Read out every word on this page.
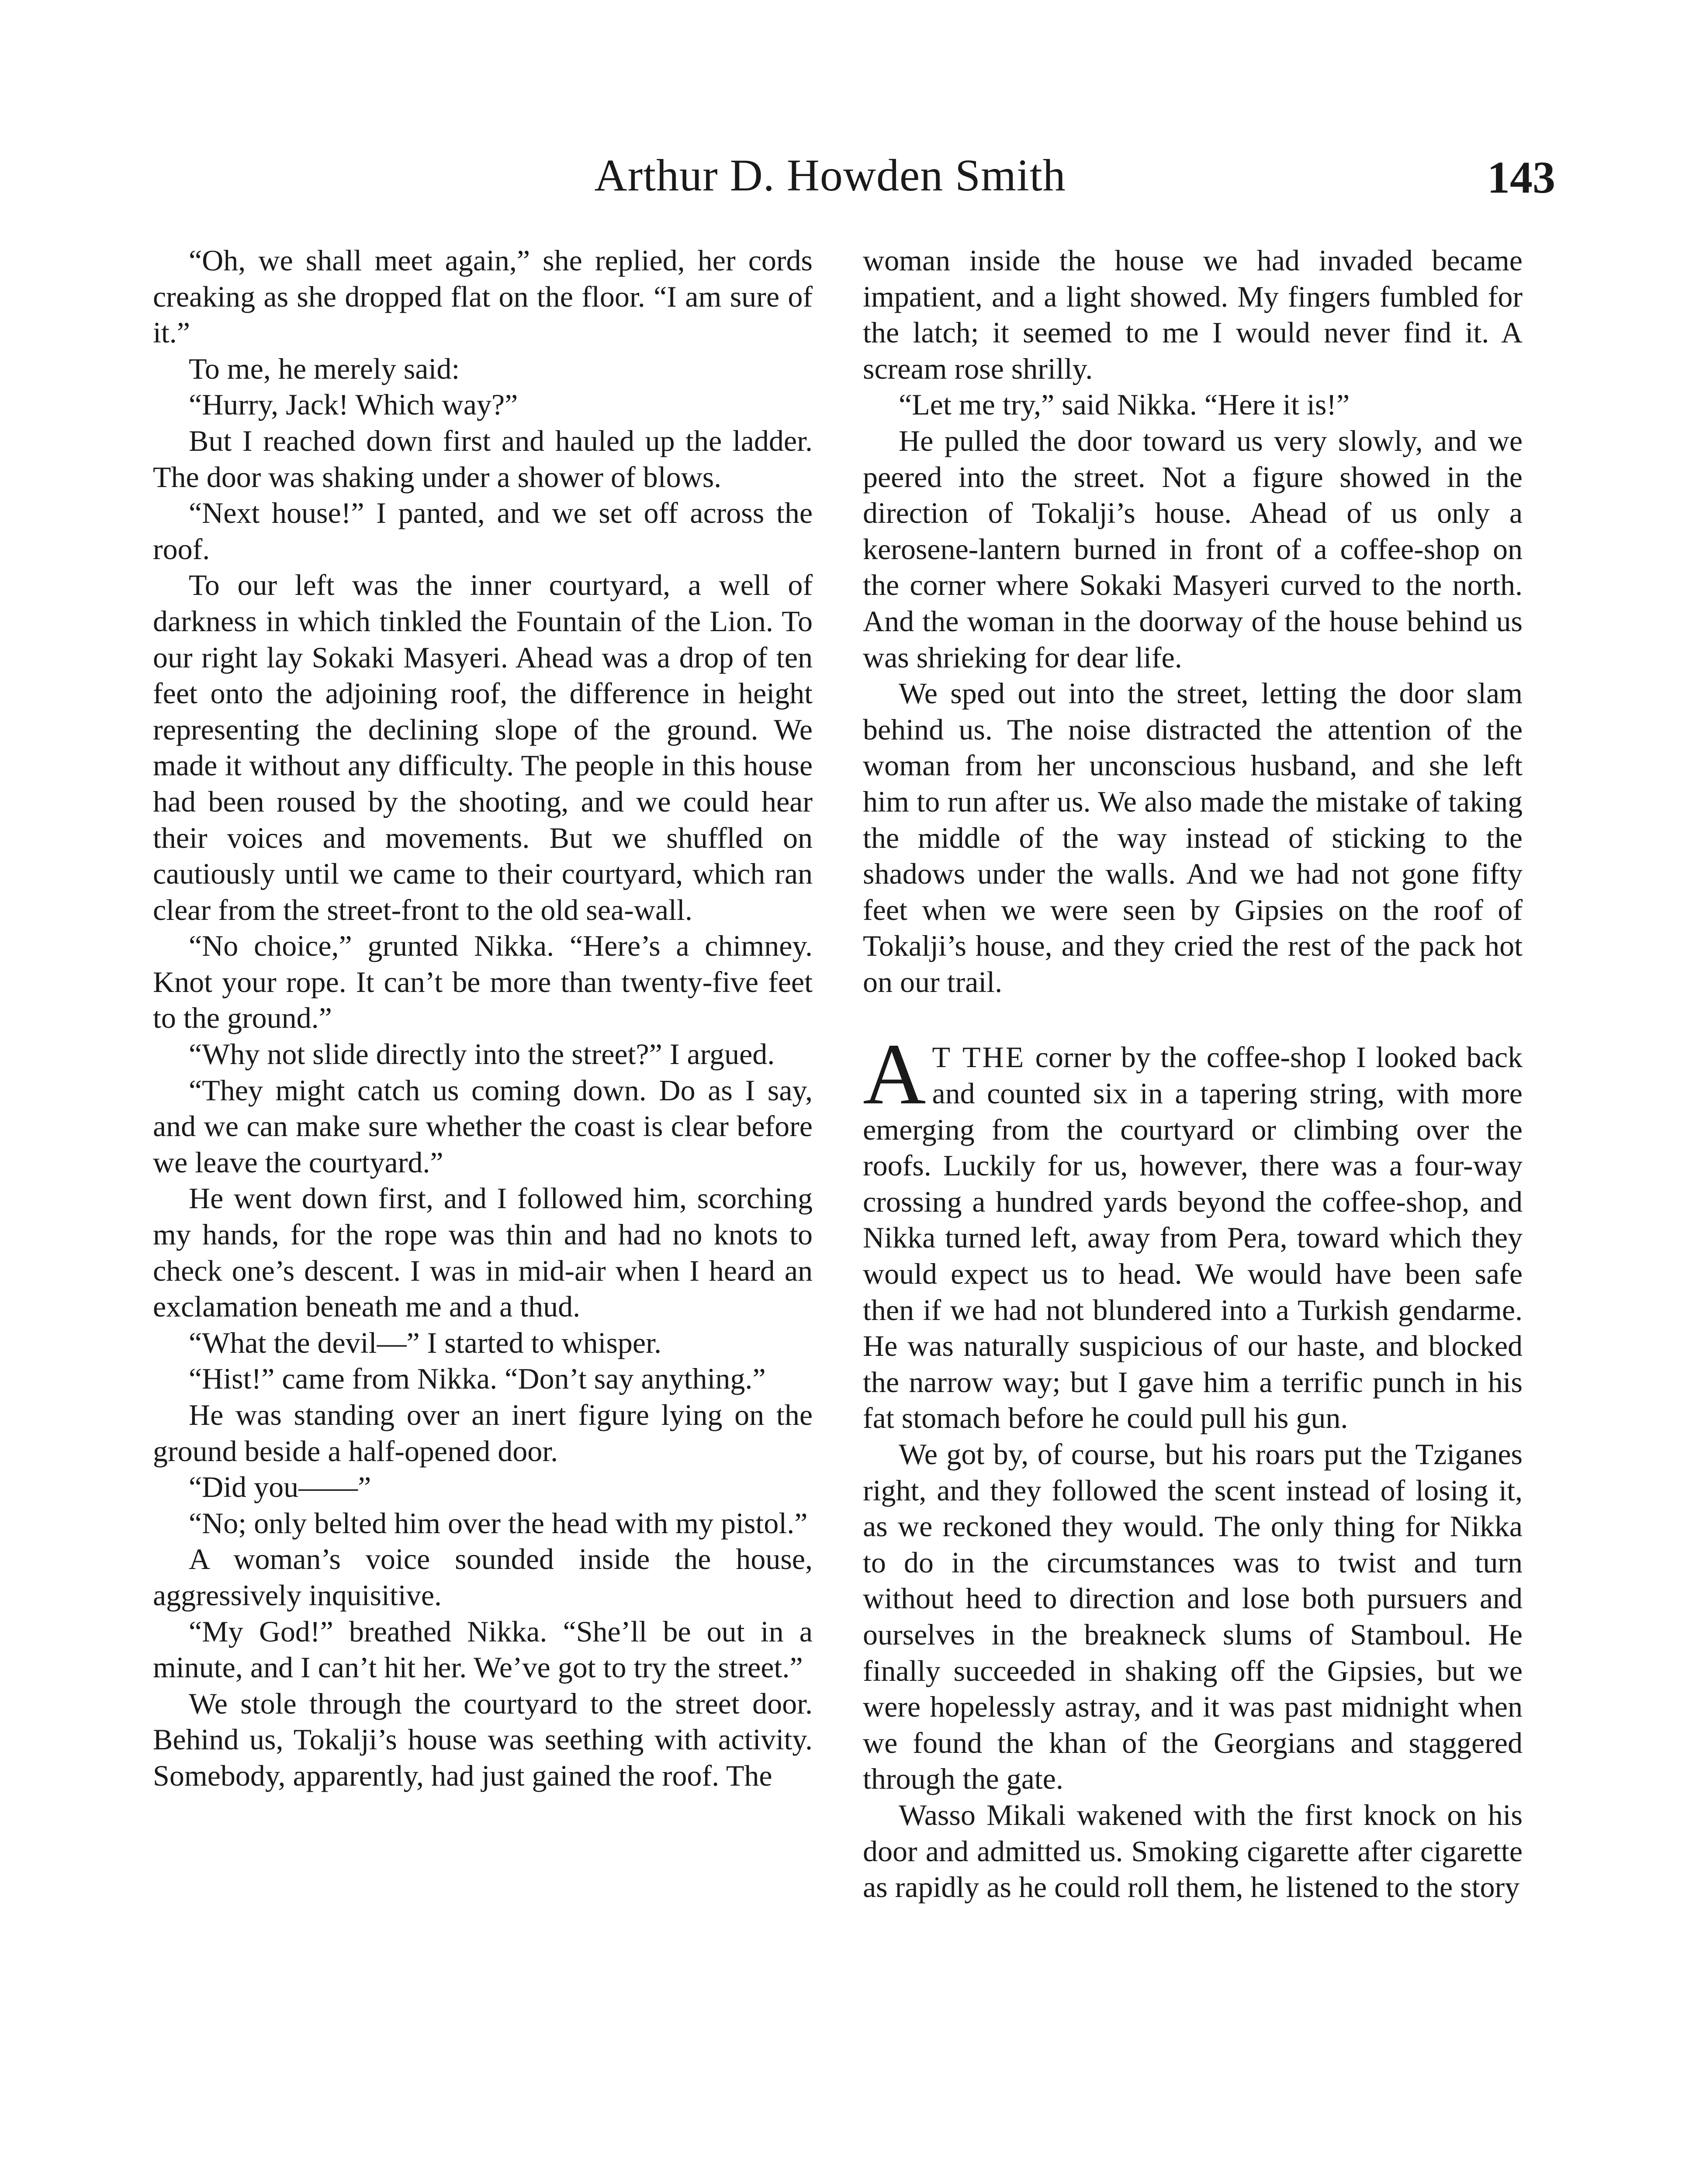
Arthur D. Howden Smith	143

“Oh, we shall meet again,” she replied, her cords creaking as she dropped flat on the floor. “I am sure of it.”

To me, he merely said:

“Hurry, Jack! Which way?”

But I reached down first and hauled up the ladder. The door was shaking under a shower of blows.

“Next house!” I panted, and we set off across the roof.

To our left was the inner courtyard, a well of darkness in which tinkled the Fountain of the Lion. To our right lay Sokaki Masyeri. Ahead was a drop of ten feet onto the adjoining roof, the difference in height representing the declining slope of the ground. We made it without any difficulty. The people in this house had been roused by the shooting, and we could hear their voices and movements. But we shuffled on cautiously until we came to their courtyard, which ran clear from the street-front to the old sea-wall.

“No choice,” grunted Nikka. “Here’s a chimney. Knot your rope. It can’t be more than twenty-five feet to the ground.”

“Why not slide directly into the street?” I argued.

“They might catch us coming down. Do as I say, and we can make sure whether the coast is clear before we leave the courtyard.”

He went down first, and I followed him, scorching my hands, for the rope was thin and had no knots to check one’s descent. I was in mid-air when I heard an exclamation beneath me and a thud.

“What the devil—” I started to whisper.

“Hist!” came from Nikka. “Don’t say anything.”

He was standing over an inert figure lying on the ground beside a half-opened door.

“Did you——”

“No; only belted him over the head with my pistol.”

A woman’s voice sounded inside the house, aggressively inquisitive.

“My God!” breathed Nikka. “She’ll be out in a minute, and I can’t hit her. We’ve got to try the street.”

We stole through the courtyard to the street door. Behind us, Tokalji’s house was seething with activity. Somebody, apparently, had just gained the roof. The

woman inside the house we had invaded became impatient, and a light showed. My fingers fumbled for the latch; it seemed to me I would never find it. A scream rose shrilly.

“Let me try,” said Nikka. “Here it is!”

He pulled the door toward us very slowly, and we peered into the street. Not a figure showed in the direction of Tokalji’s house. Ahead of us only a kerosene-lantern burned in front of a coffee-shop on the corner where Sokaki Masyeri curved to the north. And the woman in the doorway of the house behind us was shrieking for dear life.

We sped out into the street, letting the door slam behind us. The noise distracted the attention of the woman from her unconscious husband, and she left him to run after us. We also made the mistake of taking the middle of the way instead of sticking to the shadows under the walls. And we had not gone fifty feet when we were seen by Gipsies on the roof of Tokalji’s house, and they cried the rest of the pack hot on our trail.

A T THE corner by the coffee-shop I looked back and counted six in a tapering string, with more emerging from the courtyard or climbing over the roofs. Luckily for us, however, there was a four-way crossing a hundred yards beyond the coffee-shop, and Nikka turned left, away from Pera, toward which they would expect us to head. We would have been safe then if we had not blundered into a Turkish gendarme. He was naturally suspicious of our haste, and blocked the narrow way; but I gave him a terrific punch in his fat stomach before he could pull his gun.

We got by, of course, but his roars put the Tziganes right, and they followed the scent instead of losing it, as we reckoned they would. The only thing for Nikka to do in the circumstances was to twist and turn without heed to direction and lose both pursuers and ourselves in the breakneck slums of Stamboul. He finally succeeded in shaking off the Gipsies, but we were hopelessly astray, and it was past midnight when we found the khan of the Georgians and staggered through the gate.

Wasso Mikali wakened with the first knock on his door and admitted us. Smoking cigarette after cigarette as rapidly as he could roll them, he listened to the story
